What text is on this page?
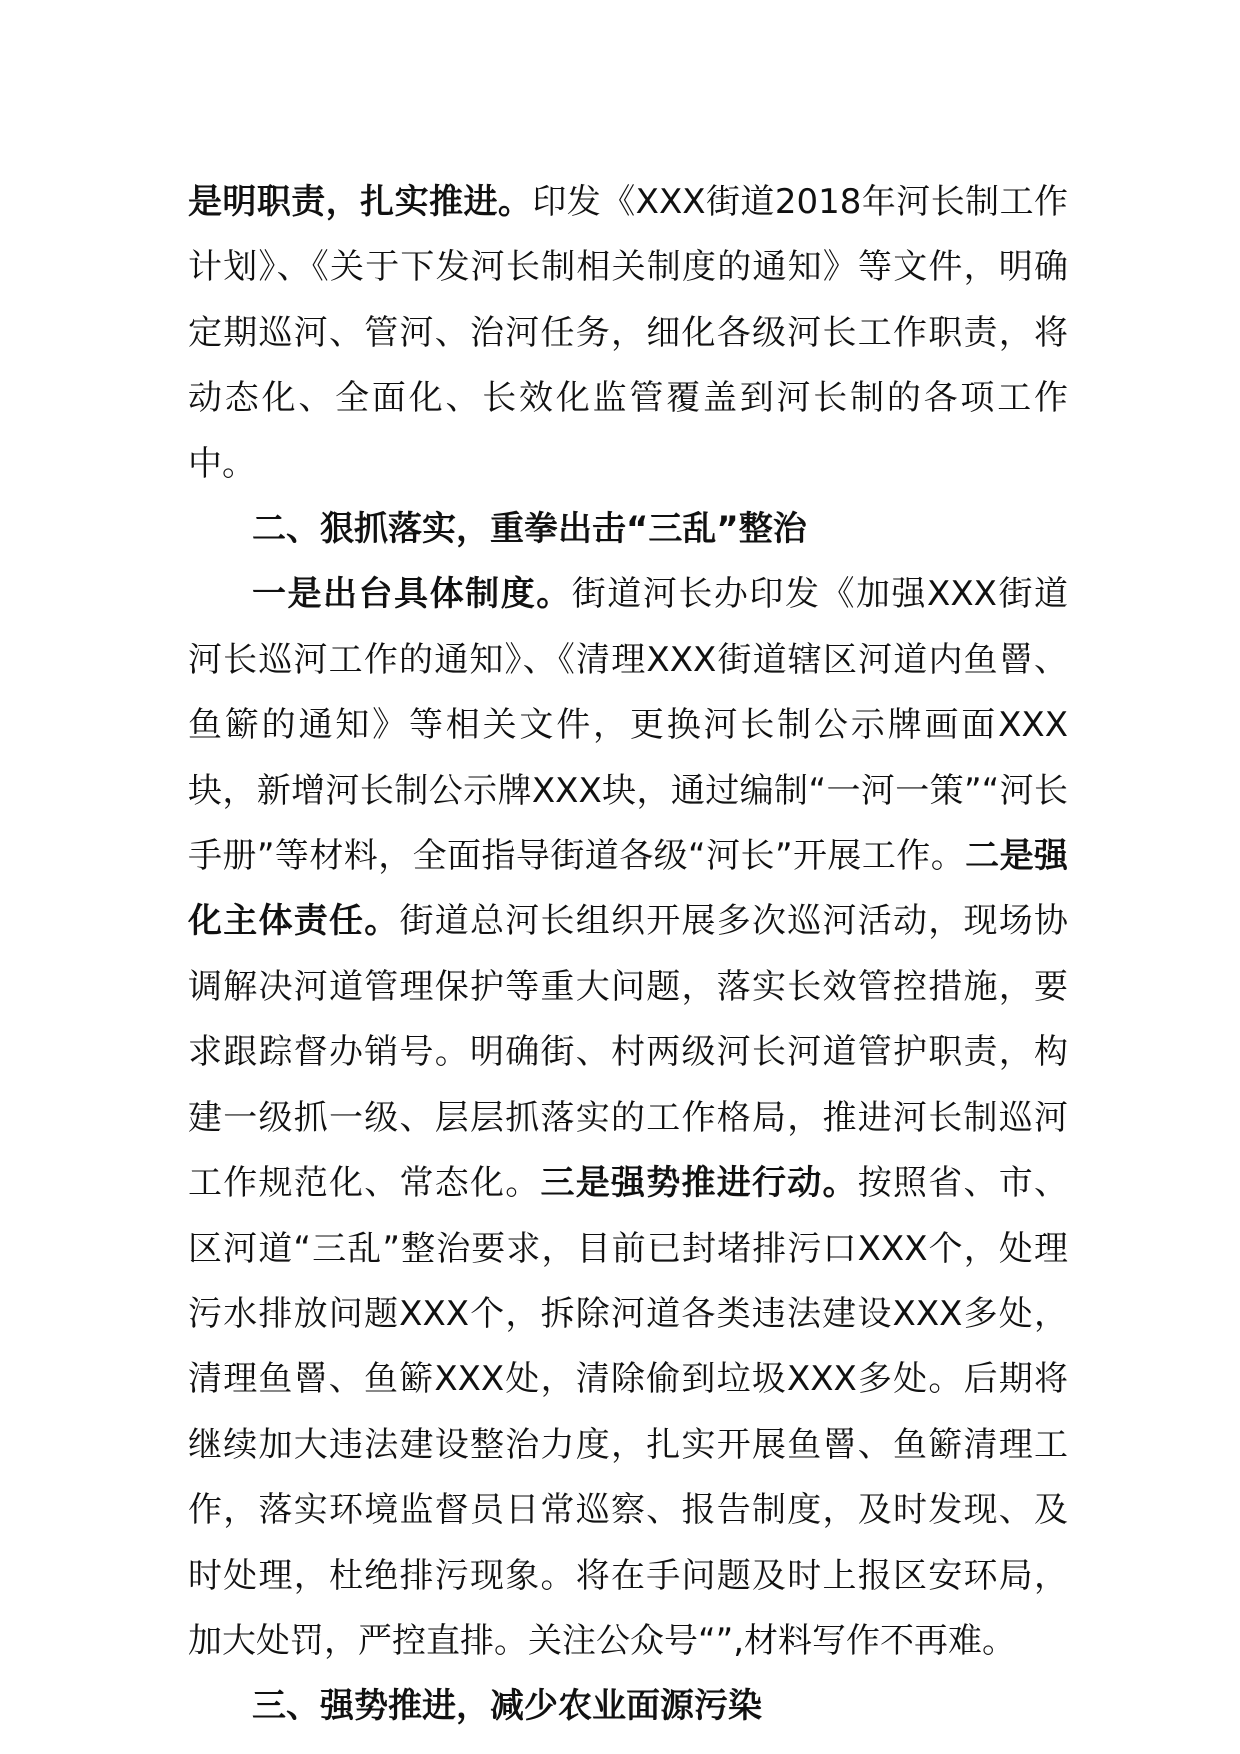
是明职责，扎实推进。印发《XXX街道2018年河长制工作计划》、《关于下发河长制相关制度的通知》等文件，明确定期巡河、管河、治河任务，细化各级河长工作职责，将动态化、全面化、长效化监管覆盖到河长制的各项工作中。

二、狠抓落实，重拳出击“三乱”整治

一是出台具体制度。街道河长办印发《加强XXX街道河长巡河工作的通知》、《清理XXX街道辖区河道内鱼罾、鱼簖的通知》等相关文件，更换河长制公示牌画面XXX块，新增河长制公示牌XXX块，通过编制“一河一策”“河长手册”等材料，全面指导街道各级“河长”开展工作。二是强化主体责任。街道总河长组织开展多次巡河活动，现场协调解决河道管理保护等重大问题，落实长效管控措施，要求跟踪督办销号。明确街、村两级河长河道管护职责，构建一级抓一级、层层抓落实的工作格局，推进河长制巡河工作规范化、常态化。三是强势推进行动。按照省、市、区河道“三乱”整治要求，目前已封堵排污口XXX个，处理污水排放问题XXX个，拆除河道各类违法建设XXX多处，清理鱼罾、鱼簖XXX处，清除偷到垃圾XXX多处。后期将继续加大违法建设整治力度，扎实开展鱼罾、鱼簖清理工作，落实环境监督员日常巡察、报告制度，及时发现、及时处理，杜绝排污现象。将在手问题及时上报区安环局，加大处罚，严控直排。关注公众号“”,材料写作不再难。

三、强势推进，减少农业面源污染
